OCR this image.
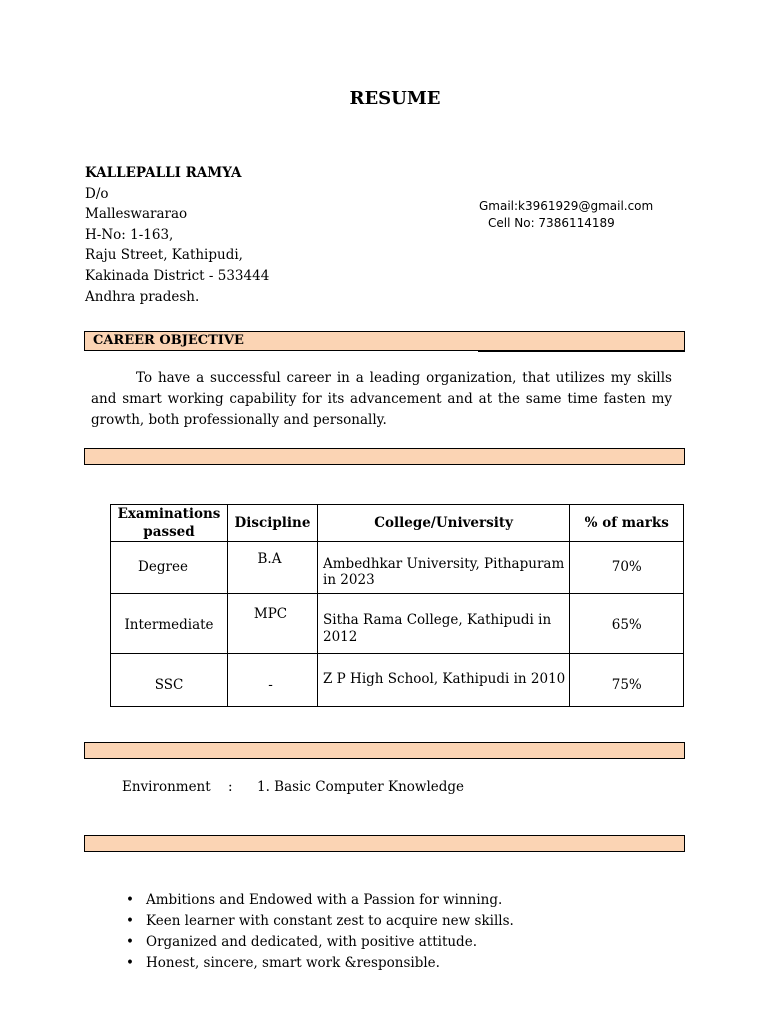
RESUME
KALLEPALLI RAMYA
D/o
Malleswararao
H-No: 1-163,
Raju Street, Kathipudi,
Kakinada District - 533444
Andhra pradesh.
Gmail:k3961929@gmail.com
Cell No: 7386114189
CAREER OBJECTIVE
To have a successful career in a leading organization, that utilizes my skills and smart working capability for its advancement and at the same time fasten my growth, both professionally and personally.
Examinations passed	Discipline	College/University	% of marks
Degree	B.A	Ambedhkar University, Pithapuram in 2023	70%
Intermediate	MPC	Sitha Rama College, Kathipudi in 2012	65%
SSC	-	Z P High School, Kathipudi in 2010	75%
Environment : 1. Basic Computer Knowledge
• Ambitions and Endowed with a Passion for winning.
• Keen learner with constant zest to acquire new skills.
• Organized and dedicated, with positive attitude.
• Honest, sincere, smart work &responsible.
